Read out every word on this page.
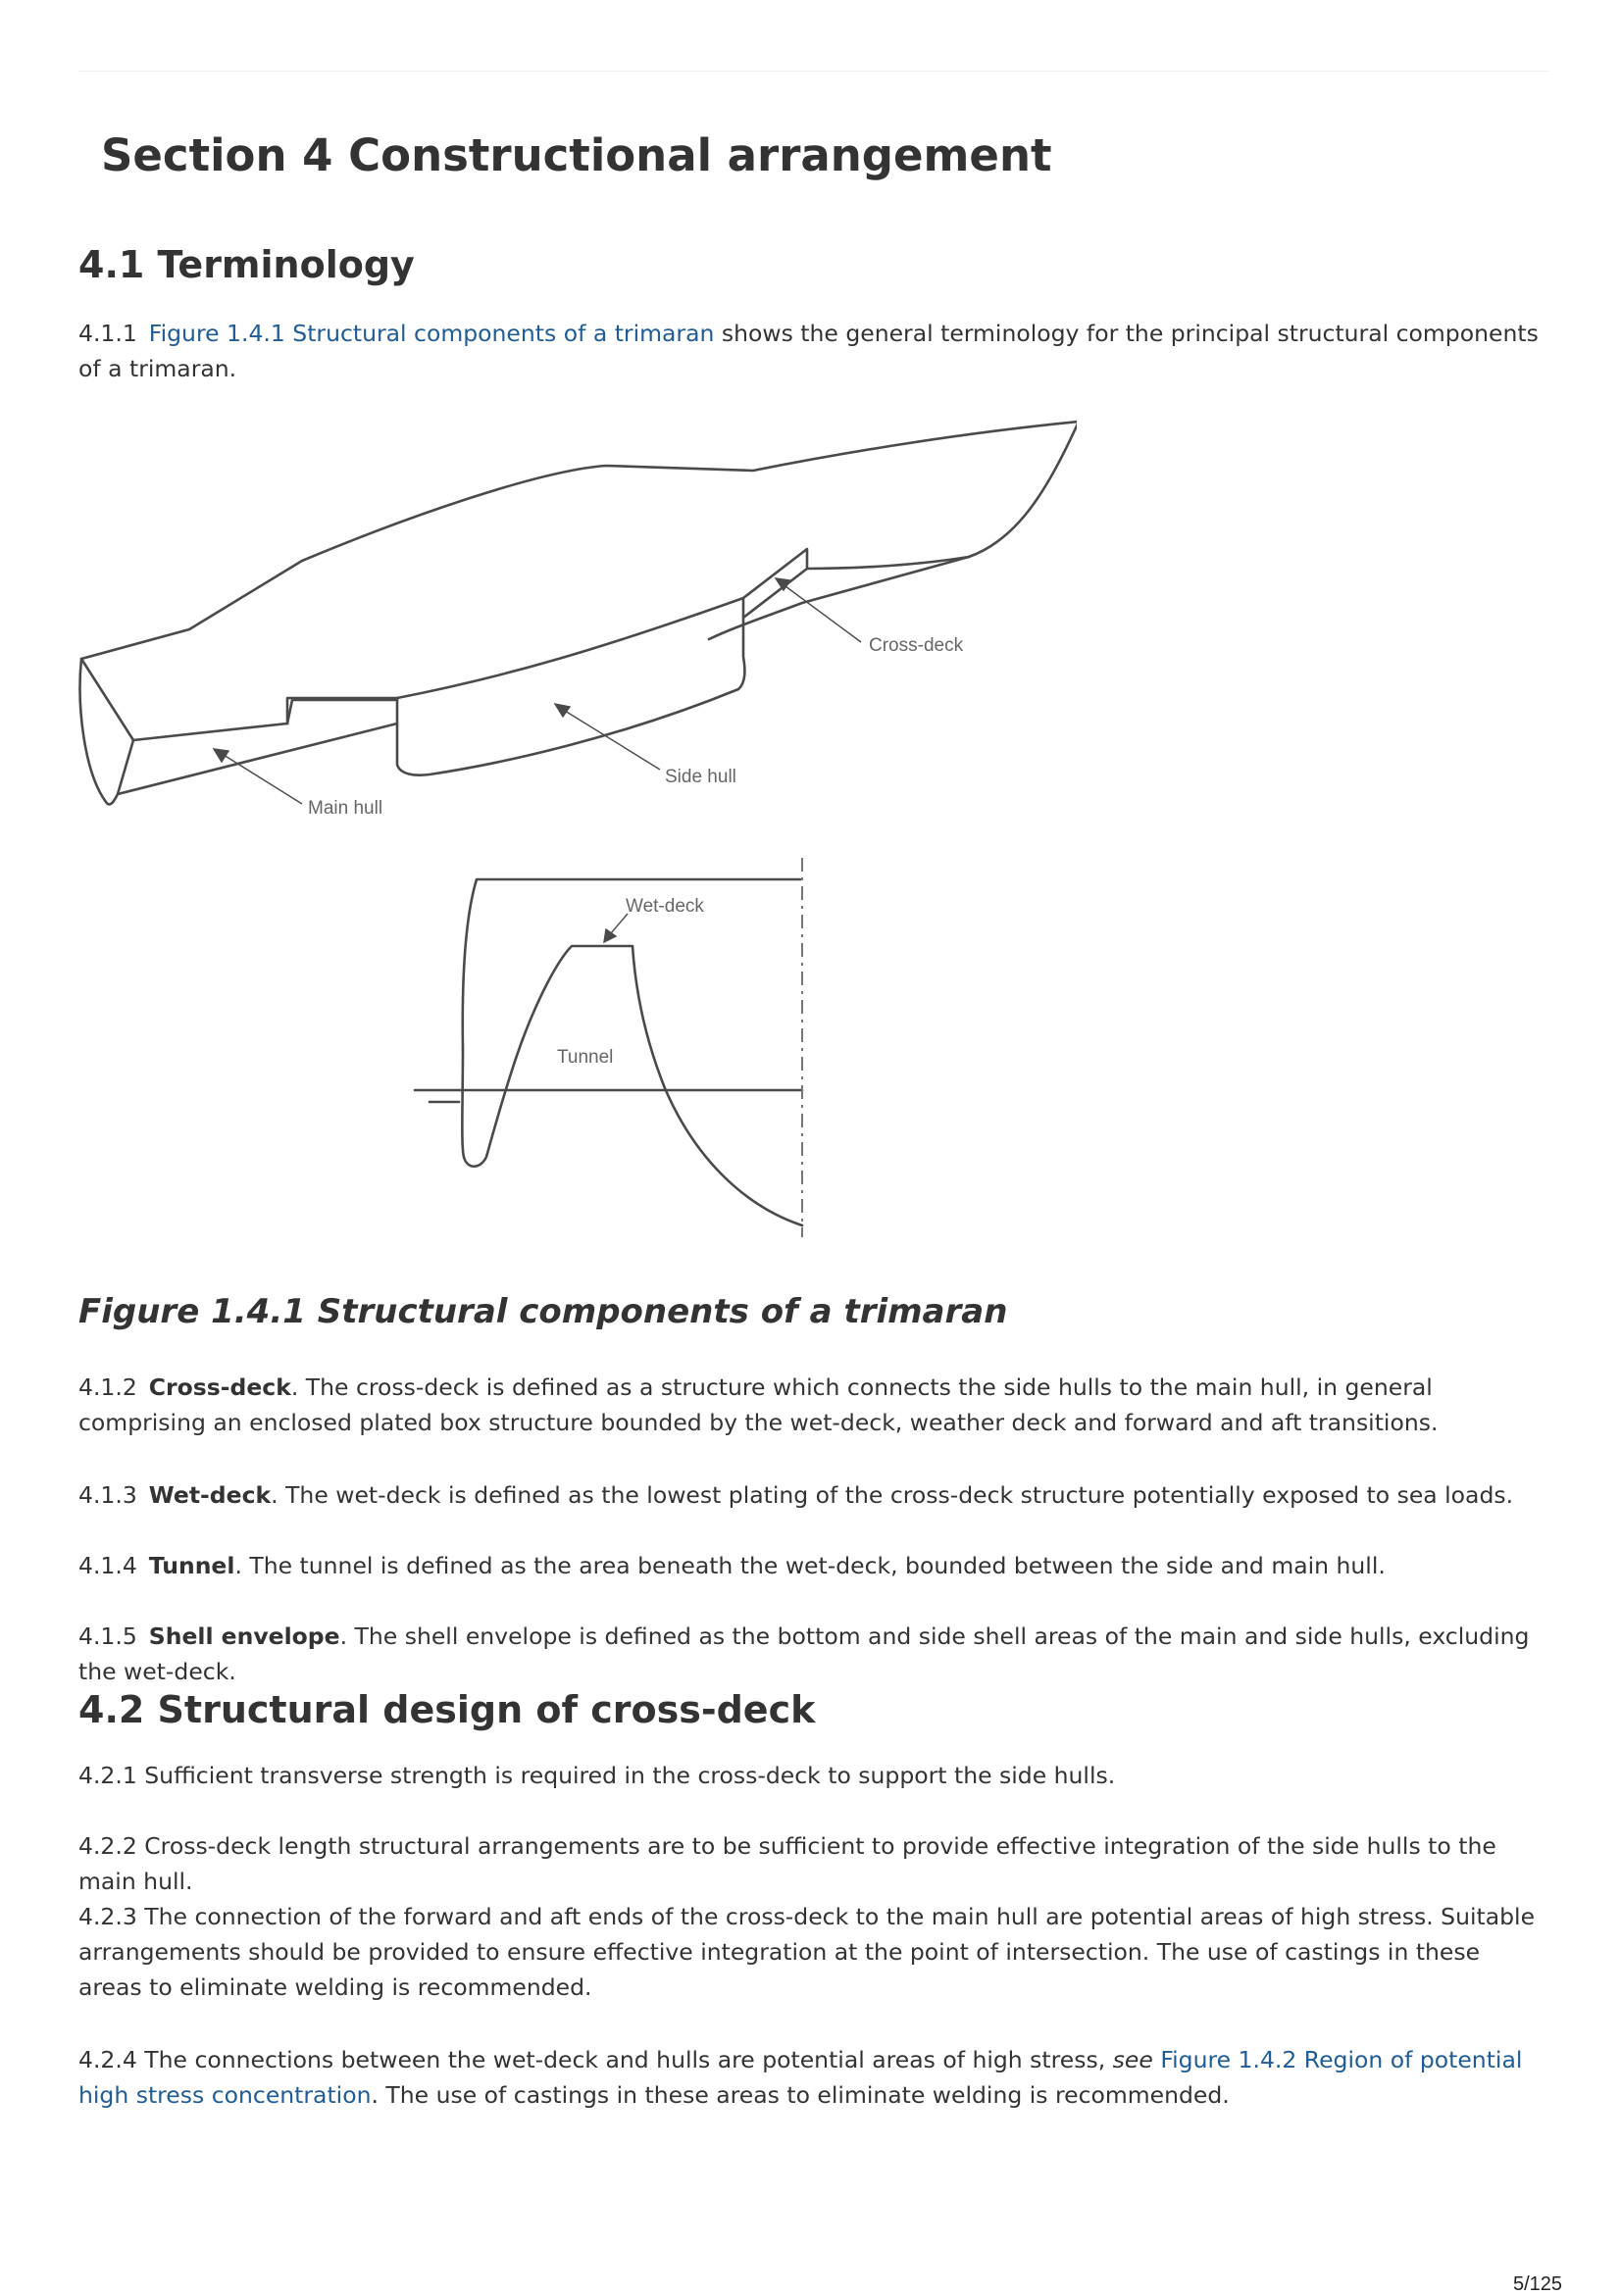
Section 4 Constructional arrangement
4.1 Terminology

4.1.1 Figure 1.4.1 Structural components of a trimaran shows the general terminology for the principal structural components of a trimaran.

Cross-deck
Side hull
Main hull
Wet-deck
Tunnel
Figure 1.4.1 Structural components of a trimaran

4.1.2 Cross-deck. The cross-deck is defined as a structure which connects the side hulls to the main hull, in general comprising an enclosed plated box structure bounded by the wet-deck, weather deck and forward and aft transitions.

4.1.3 Wet-deck. The wet-deck is defined as the lowest plating of the cross-deck structure potentially exposed to sea loads.

4.1.4 Tunnel. The tunnel is defined as the area beneath the wet-deck, bounded between the side and main hull.

4.1.5 Shell envelope. The shell envelope is defined as the bottom and side shell areas of the main and side hulls, excluding the wet-deck.

4.2 Structural design of cross-deck

4.2.1 Sufficient transverse strength is required in the cross-deck to support the side hulls.

4.2.2 Cross-deck length structural arrangements are to be sufficient to provide effective integration of the side hulls to the main hull.

4.2.3 The connection of the forward and aft ends of the cross-deck to the main hull are potential areas of high stress. Suitable arrangements should be provided to ensure effective integration at the point of intersection. The use of castings in these areas to eliminate welding is recommended.

4.2.4 The connections between the wet-deck and hulls are potential areas of high stress, see Figure 1.4.2 Region of potential high stress concentration. The use of castings in these areas to eliminate welding is recommended.

5/125
